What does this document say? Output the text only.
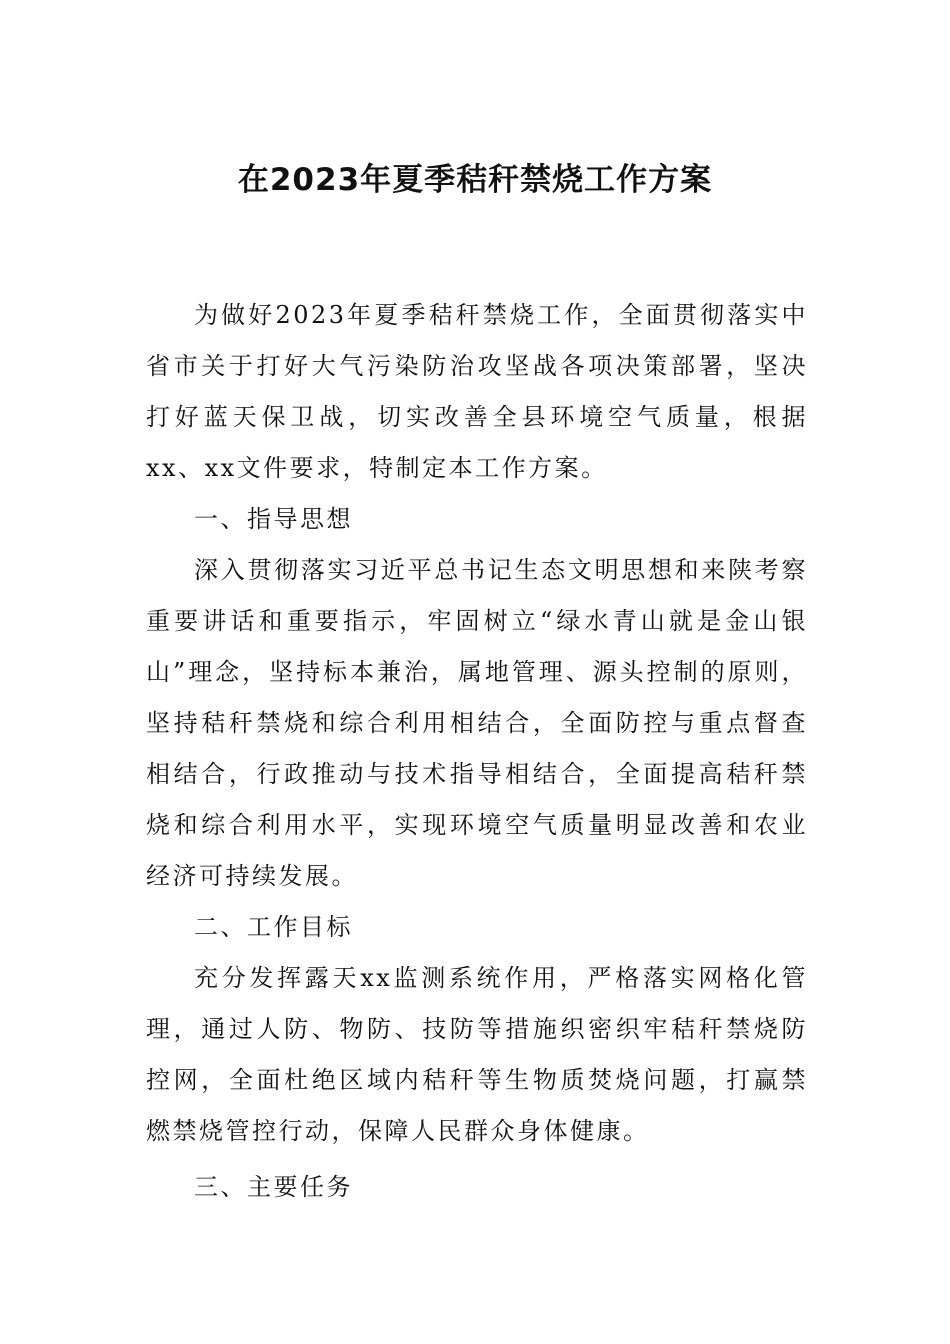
在2023年夏季秸秆禁烧工作方案

为做好2023年夏季秸秆禁烧工作，全面贯彻落实中省市关于打好大气污染防治攻坚战各项决策部署，坚决打好蓝天保卫战，切实改善全县环境空气质量，根据xx、xx文件要求，特制定本工作方案。

一、指导思想

深入贯彻落实习近平总书记生态文明思想和来陕考察重要讲话和重要指示，牢固树立“绿水青山就是金山银山”理念，坚持标本兼治，属地管理、源头控制的原则，坚持秸秆禁烧和综合利用相结合，全面防控与重点督查相结合，行政推动与技术指导相结合，全面提高秸秆禁烧和综合利用水平，实现环境空气质量明显改善和农业经济可持续发展。

二、工作目标

充分发挥露天xx监测系统作用，严格落实网格化管理，通过人防、物防、技防等措施织密织牢秸秆禁烧防控网，全面杜绝区域内秸秆等生物质焚烧问题，打赢禁燃禁烧管控行动，保障人民群众身体健康。

三、主要任务
